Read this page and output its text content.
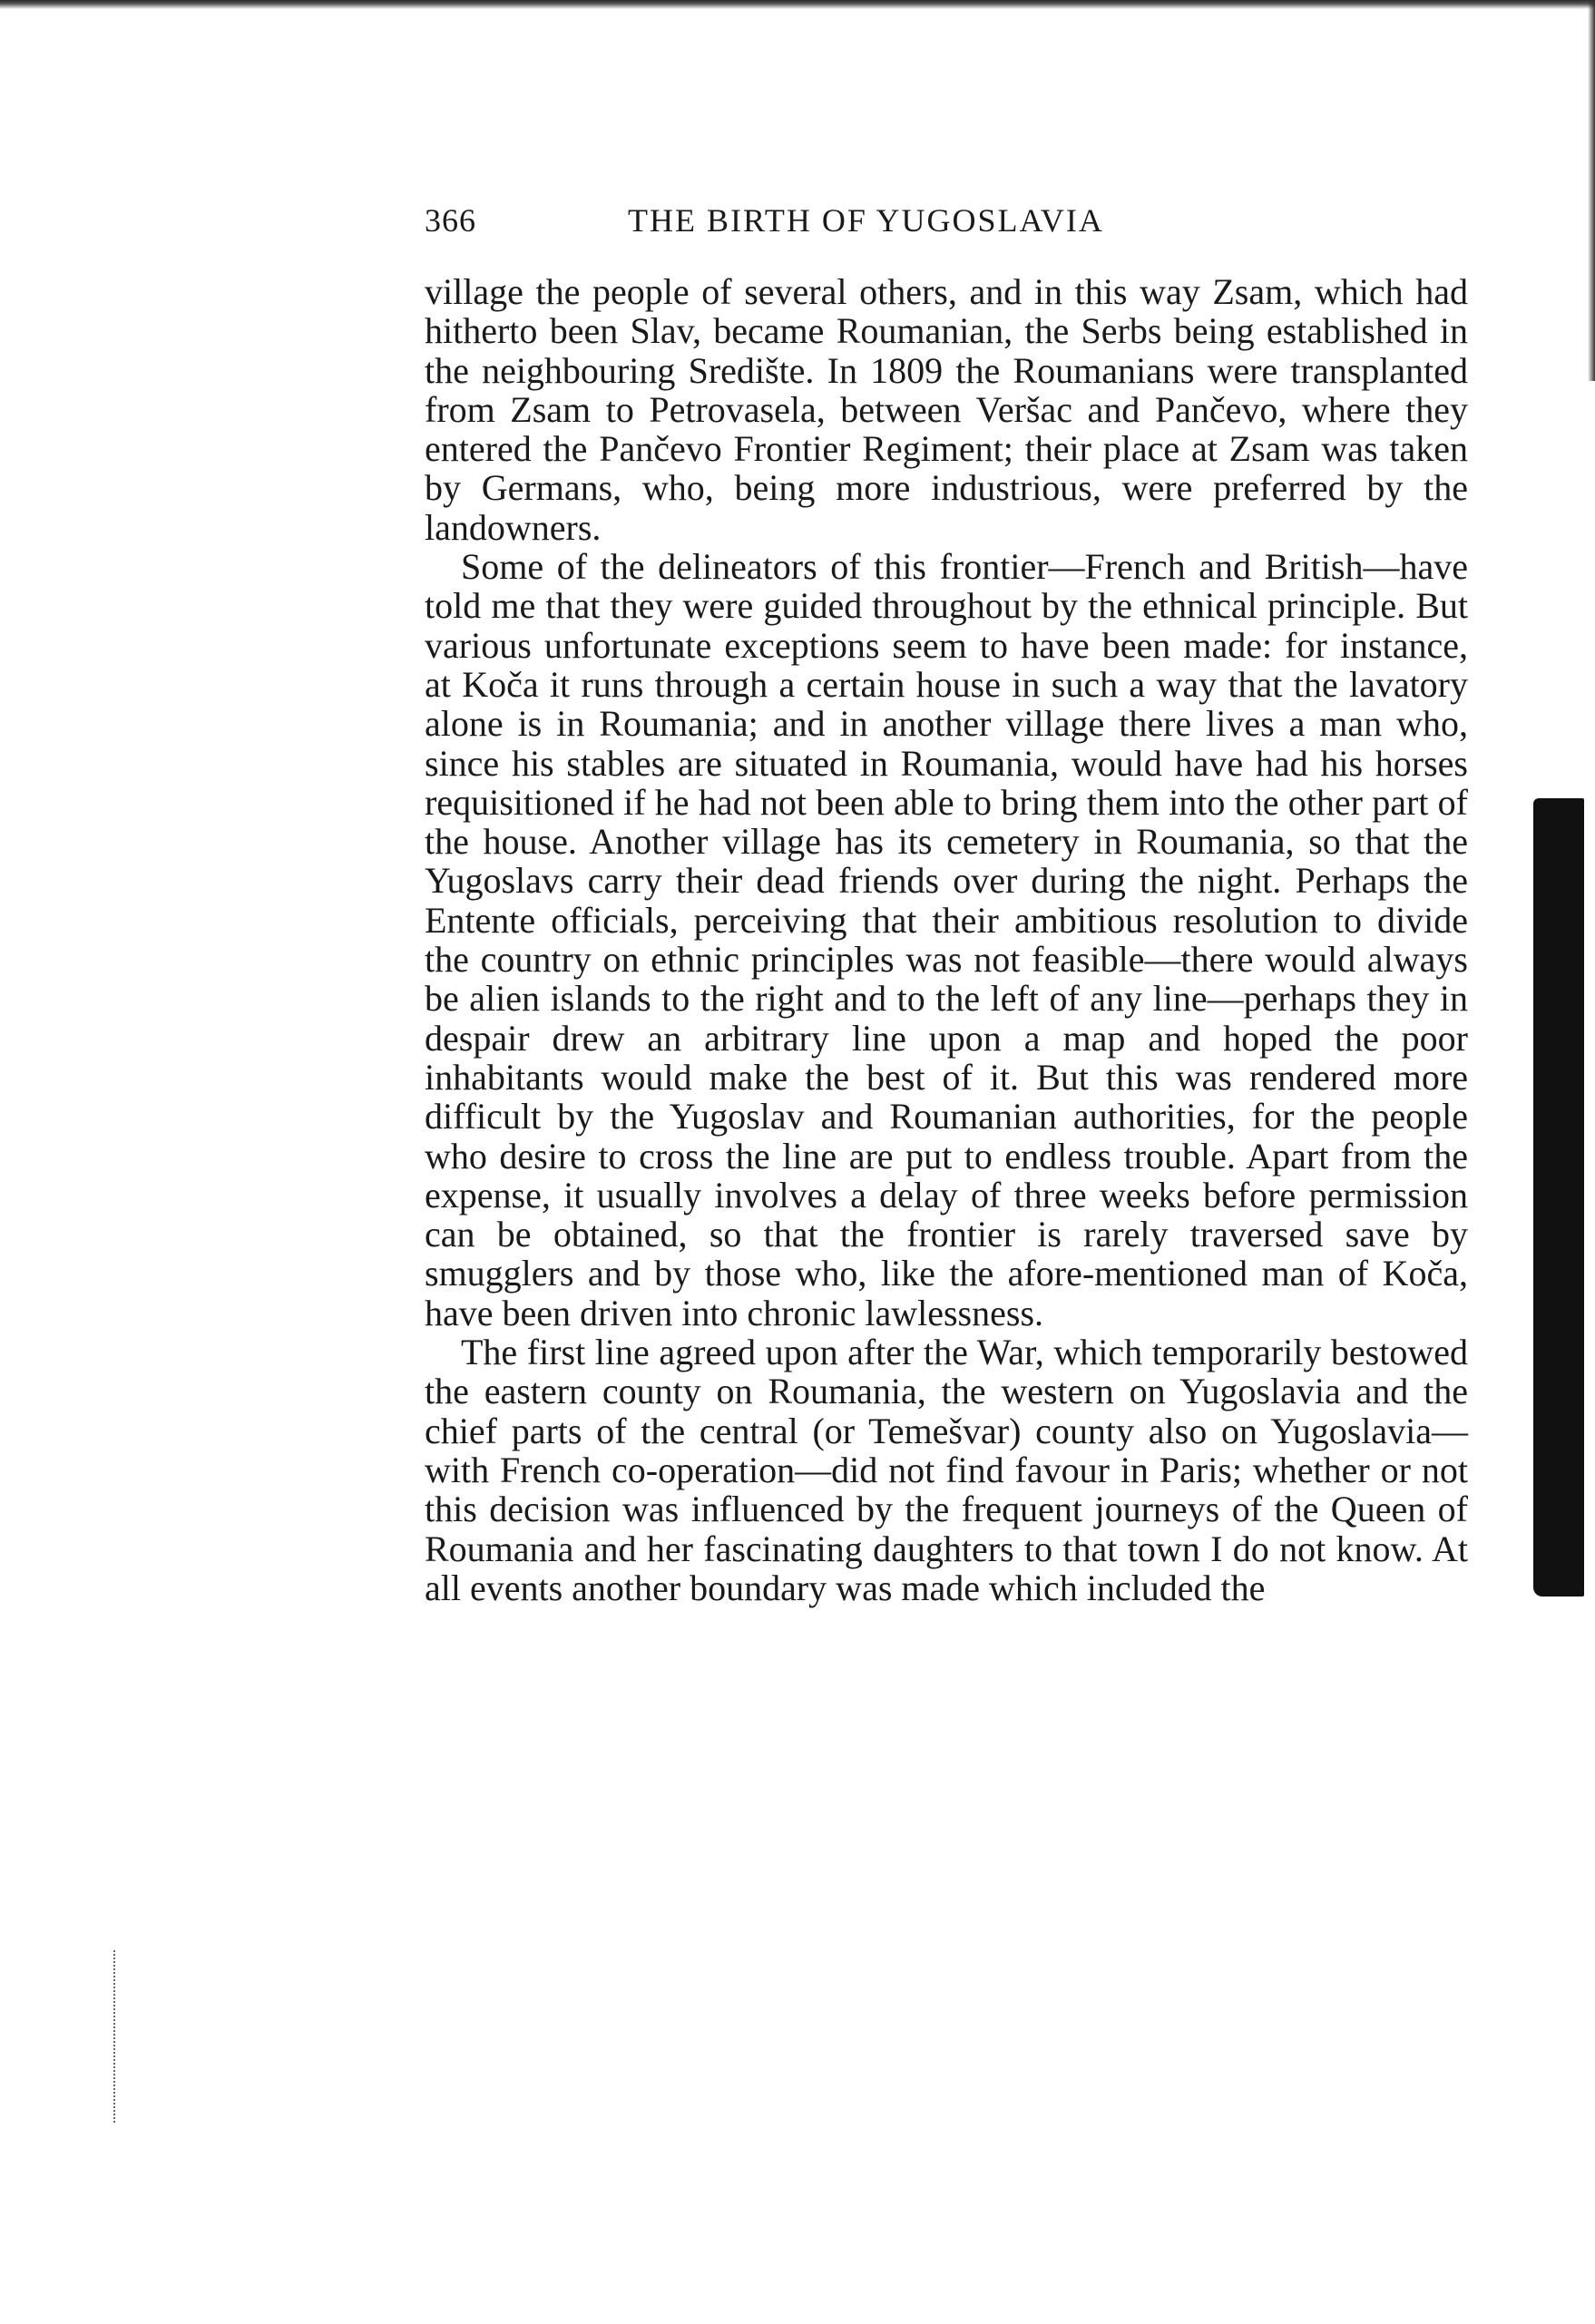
366	THE BIRTH OF YUGOSLAVIA

village the people of several others, and in this way Zsam, which had hitherto been Slav, became Roumanian, the Serbs being established in the neighbouring Središte. In 1809 the Roumanians were transplanted from Zsam to Petrovasela, between Veršac and Pančevo, where they entered the Pančevo Frontier Regiment; their place at Zsam was taken by Germans, who, being more industrious, were preferred by the landowners.

Some of the delineators of this frontier—French and British—have told me that they were guided throughout by the ethnical principle. But various unfortunate exceptions seem to have been made: for instance, at Koča it runs through a certain house in such a way that the lavatory alone is in Roumania; and in another village there lives a man who, since his stables are situated in Roumania, would have had his horses requisitioned if he had not been able to bring them into the other part of the house. Another village has its cemetery in Roumania, so that the Yugoslavs carry their dead friends over during the night. Perhaps the Entente officials, perceiving that their ambitious resolution to divide the country on ethnic principles was not feasible—there would always be alien islands to the right and to the left of any line—perhaps they in despair drew an arbitrary line upon a map and hoped the poor inhabitants would make the best of it. But this was rendered more difficult by the Yugoslav and Roumanian authorities, for the people who desire to cross the line are put to endless trouble. Apart from the expense, it usually involves a delay of three weeks before permission can be obtained, so that the frontier is rarely traversed save by smugglers and by those who, like the afore-mentioned man of Koča, have been driven into chronic lawlessness.

The first line agreed upon after the War, which temporarily bestowed the eastern county on Roumania, the western on Yugoslavia and the chief parts of the central (or Temešvar) county also on Yugoslavia—with French co-operation—did not find favour in Paris; whether or not this decision was influenced by the frequent journeys of the Queen of Roumania and her fascinating daughters to that town I do not know. At all events another boundary was made which included the
